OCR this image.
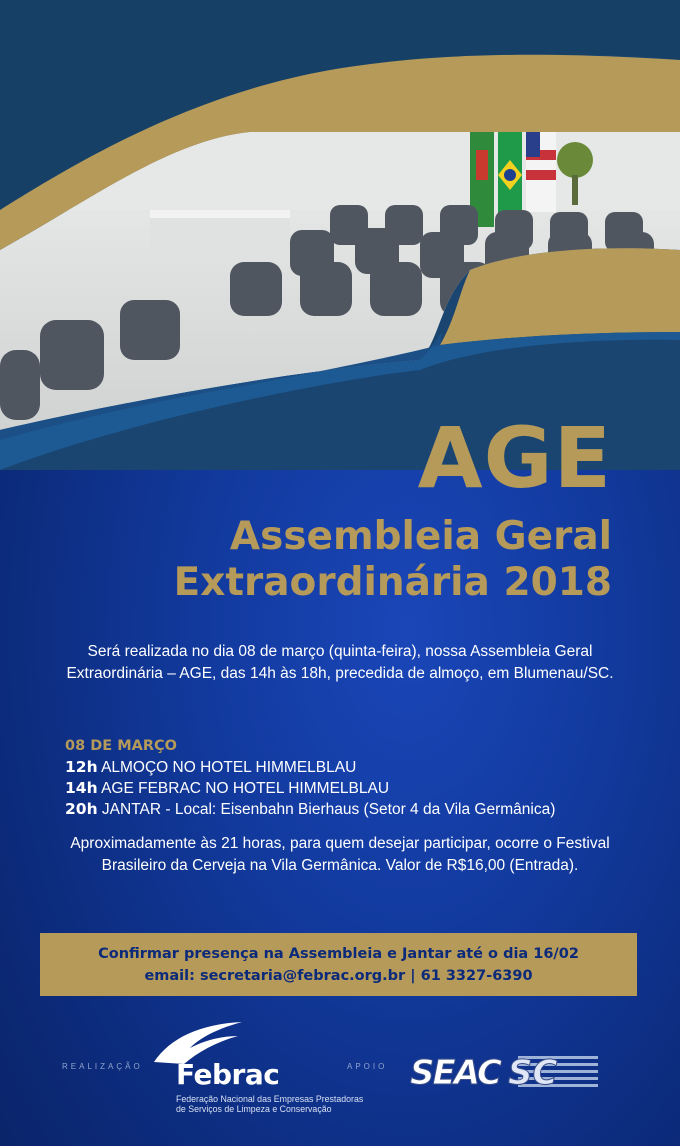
AGE
Assembleia Geral
Extraordinária 2018

Será realizada no dia 08 de março (quinta-feira), nossa Assembleia Geral Extraordinária – AGE, das 14h às 18h, precedida de almoço, em Blumenau/SC.

08 DE MARÇO
12h ALMOÇO NO HOTEL HIMMELBLAU
14h AGE FEBRAC NO HOTEL HIMMELBLAU
20h JANTAR - Local: Eisenbahn Bierhaus (Setor 4 da Vila Germânica)

Aproximadamente às 21 horas, para quem desejar participar, ocorre o Festival Brasileiro da Cerveja na Vila Germânica. Valor de R$16,00 (Entrada).

Confirmar presença na Assembleia e Jantar até o dia 16/02
email: secretaria@febrac.org.br | 61 3327-6390
REALIZAÇÃO Febrac
Federação Nacional das Empresas Prestadoras
de Serviços de Limpeza e Conservação
APOIO SEAC SC
